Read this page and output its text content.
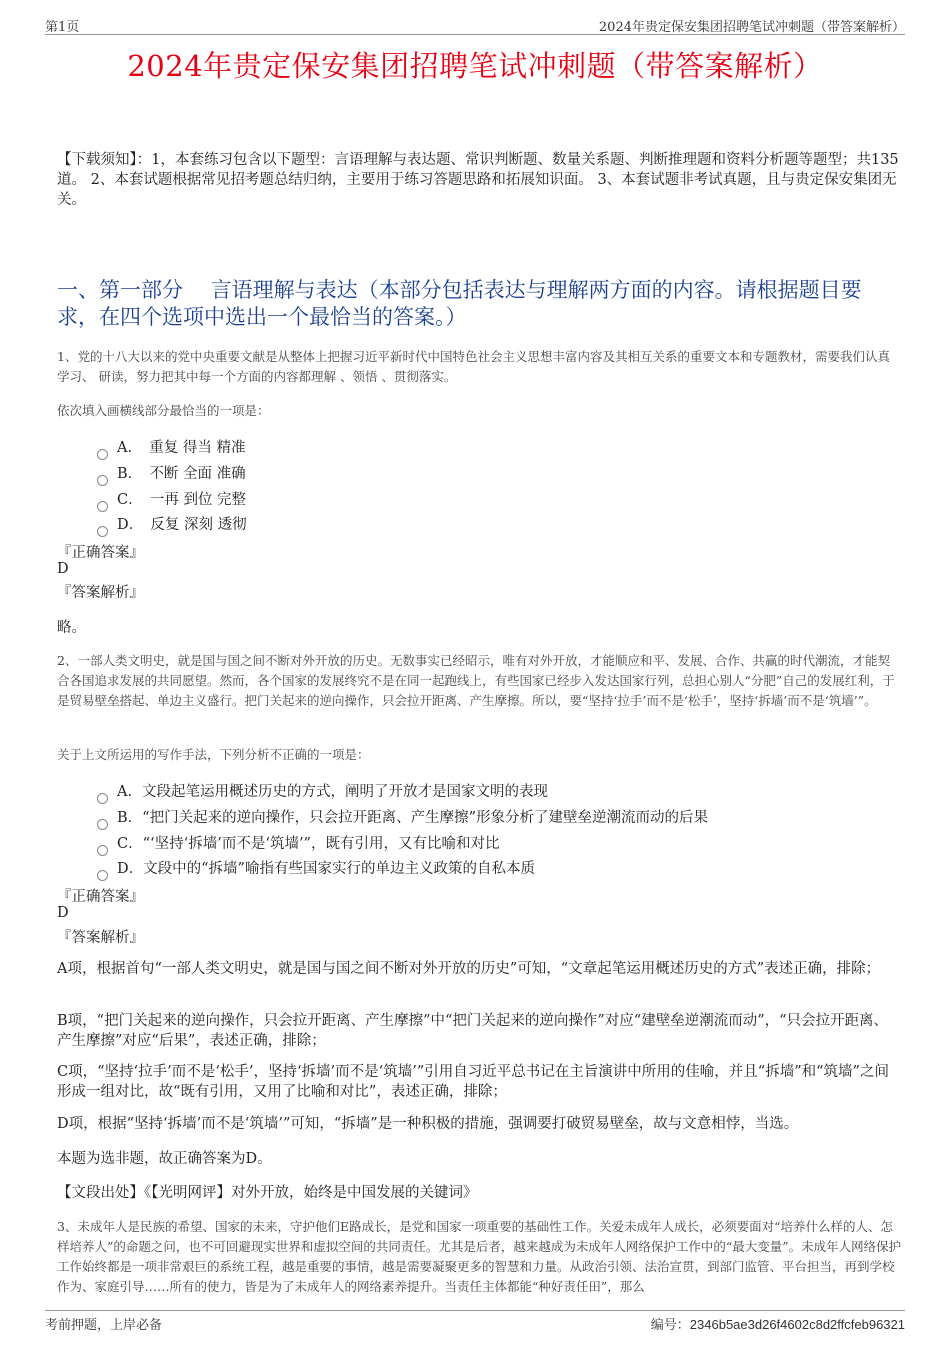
第1页	2024年贵定保安集团招聘笔试冲刺题（带答案解析）
2024年贵定保安集团招聘笔试冲刺题（带答案解析）
【下载须知】：1，本套练习包含以下题型：言语理解与表达题、常识判断题、数量关系题、判断推理题和资料分析题等题型；共135道。 2、本套试题根据常见招考题总结归纳，主要用于练习答题思路和拓展知识面。 3、本套试题非考试真题，且与贵定保安集团无关。
一、第一部分　 言语理解与表达（本部分包括表达与理解两方面的内容。请根据题目要求，在四个选项中选出一个最恰当的答案。）
1、党的十八大以来的党中央重要文献是从整体上把握习近平新时代中国特色社会主义思想丰富内容及其相互关系的重要文本和专题教材，需要我们认真学习、 研读，努力把其中每一个方面的内容都理解 、领悟 、贯彻落实。
依次填入画横线部分最恰当的一项是：
A．　重复 得当 精准
B．　不断 全面 准确
C．　一再 到位 完整
D．　反复 深刻 透彻
『正确答案』
D
『答案解析』
略。
2、一部人类文明史，就是国与国之间不断对外开放的历史。无数事实已经昭示，唯有对外开放，才能顺应和平、发展、合作、共赢的时代潮流，才能契合各国追求发展的共同愿望。然而，各个国家的发展终究不是在同一起跑线上，有些国家已经步入发达国家行列，总担心别人“分肥”自己的发展红利，于是贸易壁垒搭起、单边主义盛行。把门关起来的逆向操作，只会拉开距离、产生摩擦。所以，要“坚持‘拉手’而不是‘松手’，坚持‘拆墙’而不是‘筑墙’”。
关于上文所运用的写作手法，下列分析不正确的一项是：
A．文段起笔运用概述历史的方式，阐明了开放才是国家文明的表现
B．“把门关起来的逆向操作，只会拉开距离、产生摩擦”形象分析了建壁垒逆潮流而动的后果
C．“‘坚持‘拆墙’而不是‘筑墙’”，既有引用，又有比喻和对比
D．文段中的“拆墙”喻指有些国家实行的单边主义政策的自私本质
『正确答案』
D
『答案解析』
A项，根据首句“一部人类文明史，就是国与国之间不断对外开放的历史”可知，“文章起笔运用概述历史的方式”表述正确，排除；
B项，“把门关起来的逆向操作，只会拉开距离、产生摩擦”中“把门关起来的逆向操作”对应“建壁垒逆潮流而动”，“只会拉开距离、产生摩擦”对应“后果”，表述正确，排除；
C项，“坚持‘拉手’而不是‘松手’，坚持‘拆墙’而不是‘筑墙’”引用自习近平总书记在主旨演讲中所用的佳喻，并且“拆墙”和“筑墙”之间形成一组对比，故“既有引用，又用了比喻和对比”，表述正确，排除；
D项，根据“坚持‘拆墙’而不是‘筑墙’”可知，“拆墙”是一种积极的措施，强调要打破贸易壁垒，故与文意相悖，当选。
本题为选非题，故正确答案为D。
【文段出处】《【光明网评】对外开放，始终是中国发展的关键词》
3、未成年人是民族的希望、国家的未来，守护他们E路成长，是党和国家一项重要的基础性工作。关爱未成年人成长，必须要面对“培养什么样的人、怎样培养人”的命题之问，也不可回避现实世界和虚拟空间的共同责任。尤其是后者，越来越成为未成年人网络保护工作中的“最大变量”。未成年人网络保护工作始终都是一项非常艰巨的系统工程，越是重要的事情，越是需要凝聚更多的智慧和力量。从政治引领、法治宣贯，到部门监管、平台担当，再到学校作为、家庭引导……所有的使力，皆是为了未成年人的网络素养提升。当责任主体都能“种好责任田”，那么
考前押题，上岸必备	编号：2346b5ae3d26f4602c8d2ffcfeb96321
